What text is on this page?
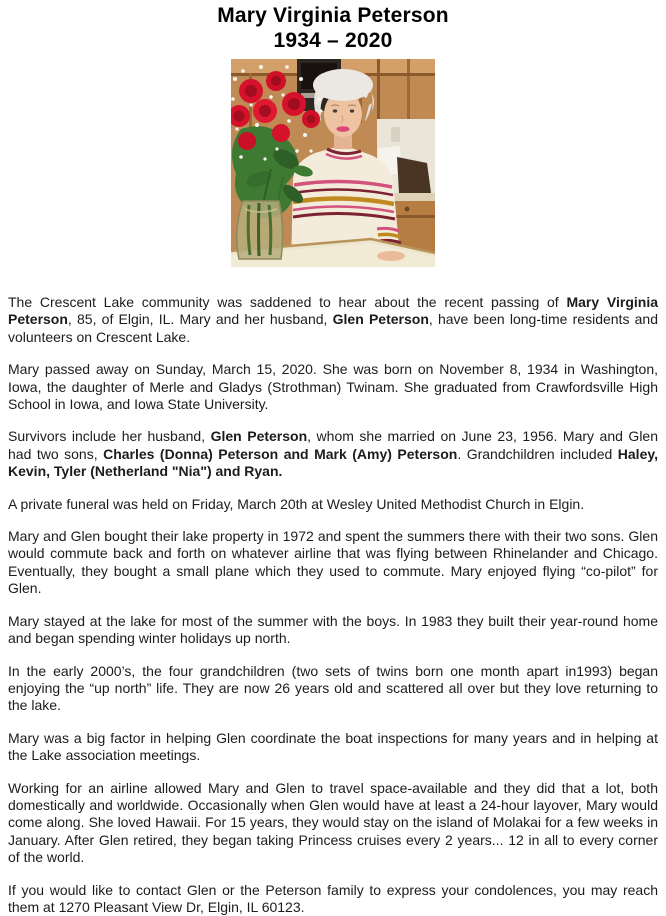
Mary Virginia Peterson
1934 – 2020

The Crescent Lake community was saddened to hear about the recent passing of Mary Virginia Peterson, 85, of Elgin, IL. Mary and her husband, Glen Peterson, have been long-time residents and volunteers on Crescent Lake.

Mary passed away on Sunday, March 15, 2020. She was born on November 8, 1934 in Washington, Iowa, the daughter of Merle and Gladys (Strothman) Twinam. She graduated from Crawfordsville High School in Iowa, and Iowa State University.

Survivors include her husband, Glen Peterson, whom she married on June 23, 1956. Mary and Glen had two sons, Charles (Donna) Peterson and Mark (Amy) Peterson. Grandchildren included Haley, Kevin, Tyler (Netherland "Nia") and Ryan.

A private funeral was held on Friday, March 20th at Wesley United Methodist Church in Elgin.

Mary and Glen bought their lake property in 1972 and spent the summers there with their two sons. Glen would commute back and forth on whatever airline that was flying between Rhinelander and Chicago. Eventually, they bought a small plane which they used to commute. Mary enjoyed flying “co-pilot” for Glen.

Mary stayed at the lake for most of the summer with the boys. In 1983 they built their year-round home and began spending winter holidays up north.

In the early 2000’s, the four grandchildren (two sets of twins born one month apart in1993) began enjoying the “up north” life. They are now 26 years old and scattered all over but they love returning to the lake.

Mary was a big factor in helping Glen coordinate the boat inspections for many years and in helping at the Lake association meetings.

Working for an airline allowed Mary and Glen to travel space-available and they did that a lot, both domestically and worldwide. Occasionally when Glen would have at least a 24-hour layover, Mary would come along. She loved Hawaii. For 15 years, they would stay on the island of Molakai for a few weeks in January. After Glen retired, they began taking Princess cruises every 2 years... 12 in all to every corner of the world.

If you would like to contact Glen or the Peterson family to express your condolences, you may reach them at 1270 Pleasant View Dr, Elgin, IL 60123.
